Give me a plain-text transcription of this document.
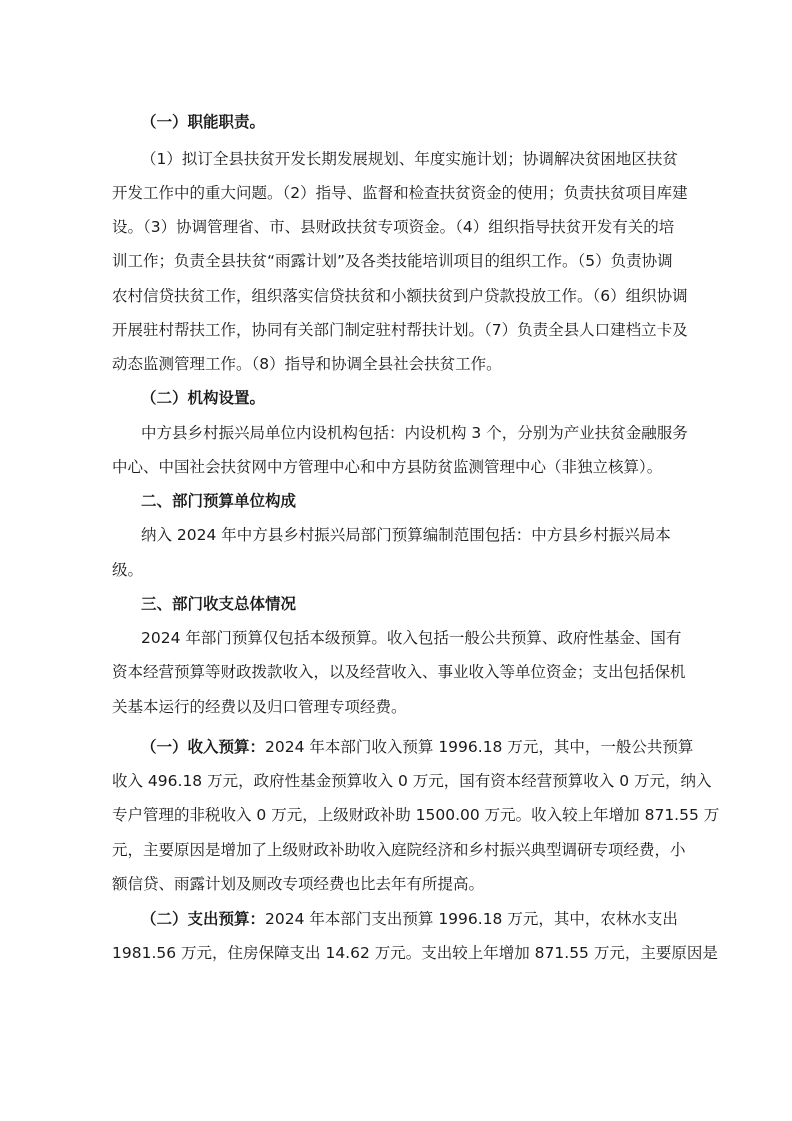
（一）职能职责。
（1）拟订全县扶贫开发长期发展规划、年度实施计划；协调解决贫困地区扶贫
开发工作中的重大问题。（2）指导、监督和检查扶贫资金的使用；负责扶贫项目库建
设。（3）协调管理省、市、县财政扶贫专项资金。（4）组织指导扶贫开发有关的培
训工作；负责全县扶贫“雨露计划”及各类技能培训项目的组织工作。（5）负责协调
农村信贷扶贫工作，组织落实信贷扶贫和小额扶贫到户贷款投放工作。（6）组织协调
开展驻村帮扶工作，协同有关部门制定驻村帮扶计划。（7）负责全县人口建档立卡及
动态监测管理工作。（8）指导和协调全县社会扶贫工作。
（二）机构设置。
中方县乡村振兴局单位内设机构包括：内设机构 3 个，分别为产业扶贫金融服务
中心、中国社会扶贫网中方管理中心和中方县防贫监测管理中心（非独立核算）。
二、部门预算单位构成
纳入 2024 年中方县乡村振兴局部门预算编制范围包括：中方县乡村振兴局本
级。
三、部门收支总体情况
2024 年部门预算仅包括本级预算。收入包括一般公共预算、政府性基金、国有
资本经营预算等财政拨款收入，以及经营收入、事业收入等单位资金；支出包括保机
关基本运行的经费以及归口管理专项经费。
（一）收入预算：2024 年本部门收入预算 1996.18 万元，其中，一般公共预算
收入 496.18 万元，政府性基金预算收入 0 万元，国有资本经营预算收入 0 万元，纳入
专户管理的非税收入 0 万元，上级财政补助 1500.00 万元。收入较上年增加 871.55 万
元，主要原因是增加了上级财政补助收入庭院经济和乡村振兴典型调研专项经费，小
额信贷、雨露计划及厕改专项经费也比去年有所提高。
（二）支出预算：2024 年本部门支出预算 1996.18 万元，其中，农林水支出
1981.56 万元，住房保障支出 14.62 万元。支出较上年增加 871.55 万元，主要原因是
